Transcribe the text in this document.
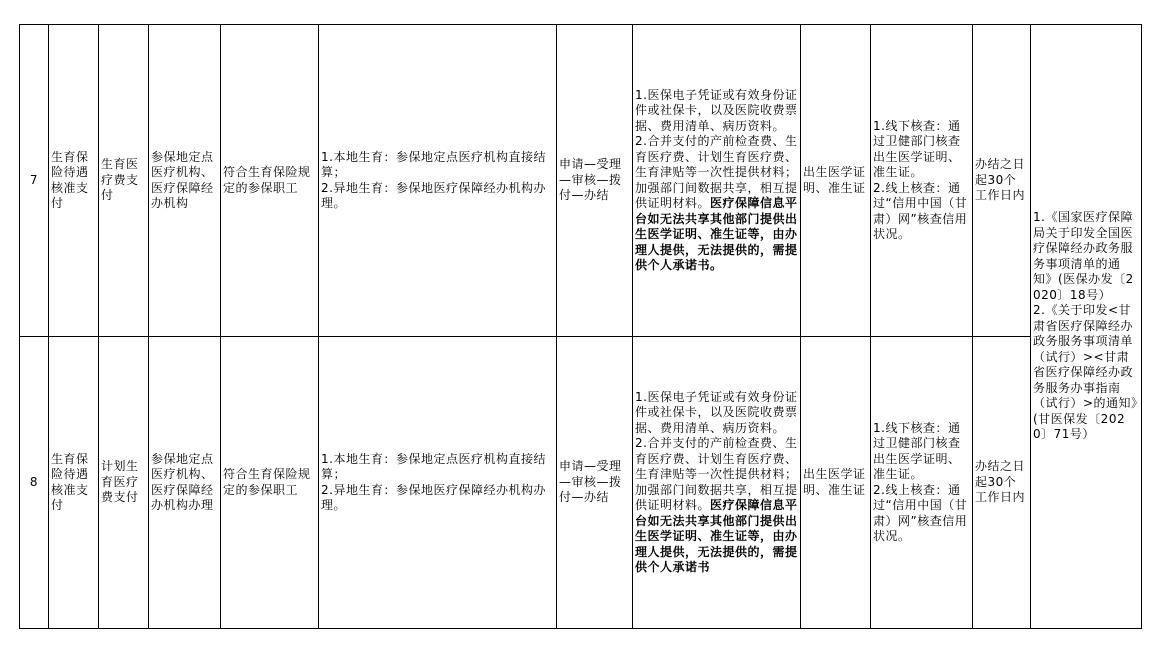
7	生育保险待遇核准支付	生育医疗费支付	参保地定点医疗机构、医疗保障经办机构	符合生育保险规定的参保职工	1.本地生育：参保地定点医疗机构直接结算；
2.异地生育：参保地医疗保障经办机构办理。	申请—受理—审核—拨付—办结	1.医保电子凭证或有效身份证件或社保卡，以及医院收费票据、费用清单、病历资料。
2.合并支付的产前检查费、生育医疗费、计划生育医疗费、生育津贴等一次性提供材料；加强部门间数据共享，相互提供证明材料。医疗保障信息平台如无法共享其他部门提供出生医学证明、准生证等，由办理人提供，无法提供的，需提供个人承诺书。	出生医学证明、准生证	1.线下核查：通过卫健部门核查出生医学证明、准生证。
2.线上核查：通过“信用中国（甘肃）网”核查信用状况。	办结之日起30个工作日内	1.《国家医疗保障局关于印发全国医疗保障经办政务服务事项清单的通知》(医保办发〔2020〕18号）
2.《关于印发<甘肃省医疗保障经办政务服务事项清单（试行）><甘肃省医疗保障经办政务服务办事指南（试行）>的通知》(甘医保发〔2020〕71号）

8	生育保险待遇核准支付	计划生育医疗费支付	参保地定点医疗机构、医疗保障经办机构办理	符合生育保险规定的参保职工	1.本地生育：参保地定点医疗机构直接结算；
2.异地生育：参保地医疗保障经办机构办理。	申请—受理—审核—拨付—办结	1.医保电子凭证或有效身份证件或社保卡，以及医院收费票据、费用清单、病历资料。
2.合并支付的产前检查费、生育医疗费、计划生育医疗费、生育津贴等一次性提供材料；加强部门间数据共享，相互提供证明材料。医疗保障信息平台如无法共享其他部门提供出生医学证明、准生证等，由办理人提供，无法提供的，需提供个人承诺书	出生医学证明、准生证	1.线下核查：通过卫健部门核查出生医学证明、准生证。
2.线上核查：通过“信用中国（甘肃）网”核查信用状况。	办结之日起30个工作日内	
